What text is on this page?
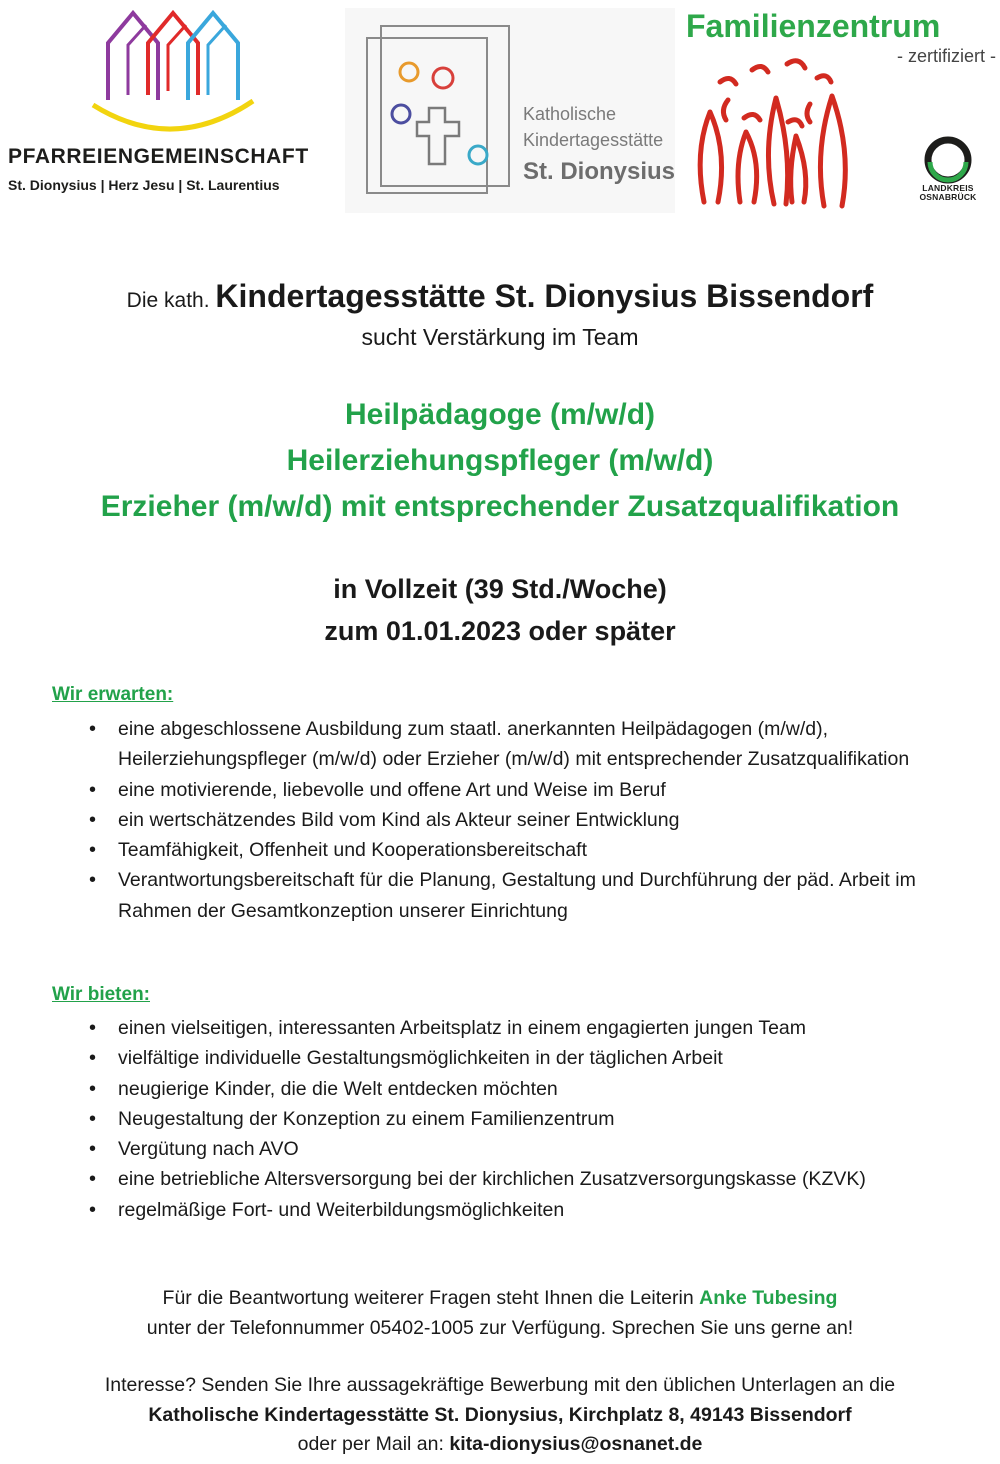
PFARREIENGEMEINSCHAFT
St. Dionysius | Herz Jesu | St. Laurentius
Katholische
Kindertagesstätte
St. Dionysius
Familienzentrum
- zertifiziert -
LANDKREIS
OSNABRÜCK
Die kath. Kindertagesstätte St. Dionysius Bissendorf
sucht Verstärkung im Team
Heilpädagoge (m/w/d)
Heilerziehungspfleger (m/w/d)
Erzieher (m/w/d) mit entsprechender Zusatzqualifikation
in Vollzeit (39 Std./Woche)
zum 01.01.2023 oder später
Wir erwarten:
• eine abgeschlossene Ausbildung zum staatl. anerkannten Heilpädagogen (m/w/d), Heilerziehungspfleger (m/w/d) oder Erzieher (m/w/d) mit entsprechender Zusatzqualifikation
• eine motivierende, liebevolle und offene Art und Weise im Beruf
• ein wertschätzendes Bild vom Kind als Akteur seiner Entwicklung
• Teamfähigkeit, Offenheit und Kooperationsbereitschaft
• Verantwortungsbereitschaft für die Planung, Gestaltung und Durchführung der päd. Arbeit im Rahmen der Gesamtkonzeption unserer Einrichtung
Wir bieten:
• einen vielseitigen, interessanten Arbeitsplatz in einem engagierten jungen Team
• vielfältige individuelle Gestaltungsmöglichkeiten in der täglichen Arbeit
• neugierige Kinder, die die Welt entdecken möchten
• Neugestaltung der Konzeption zu einem Familienzentrum
• Vergütung nach AVO
• eine betriebliche Altersversorgung bei der kirchlichen Zusatzversorgungskasse (KZVK)
• regelmäßige Fort- und Weiterbildungsmöglichkeiten
Für die Beantwortung weiterer Fragen steht Ihnen die Leiterin Anke Tubesing
unter der Telefonnummer 05402-1005 zur Verfügung. Sprechen Sie uns gerne an!
Interesse? Senden Sie Ihre aussagekräftige Bewerbung mit den üblichen Unterlagen an die
Katholische Kindertagesstätte St. Dionysius, Kirchplatz 8, 49143 Bissendorf
oder per Mail an: kita-dionysius@osnanet.de
